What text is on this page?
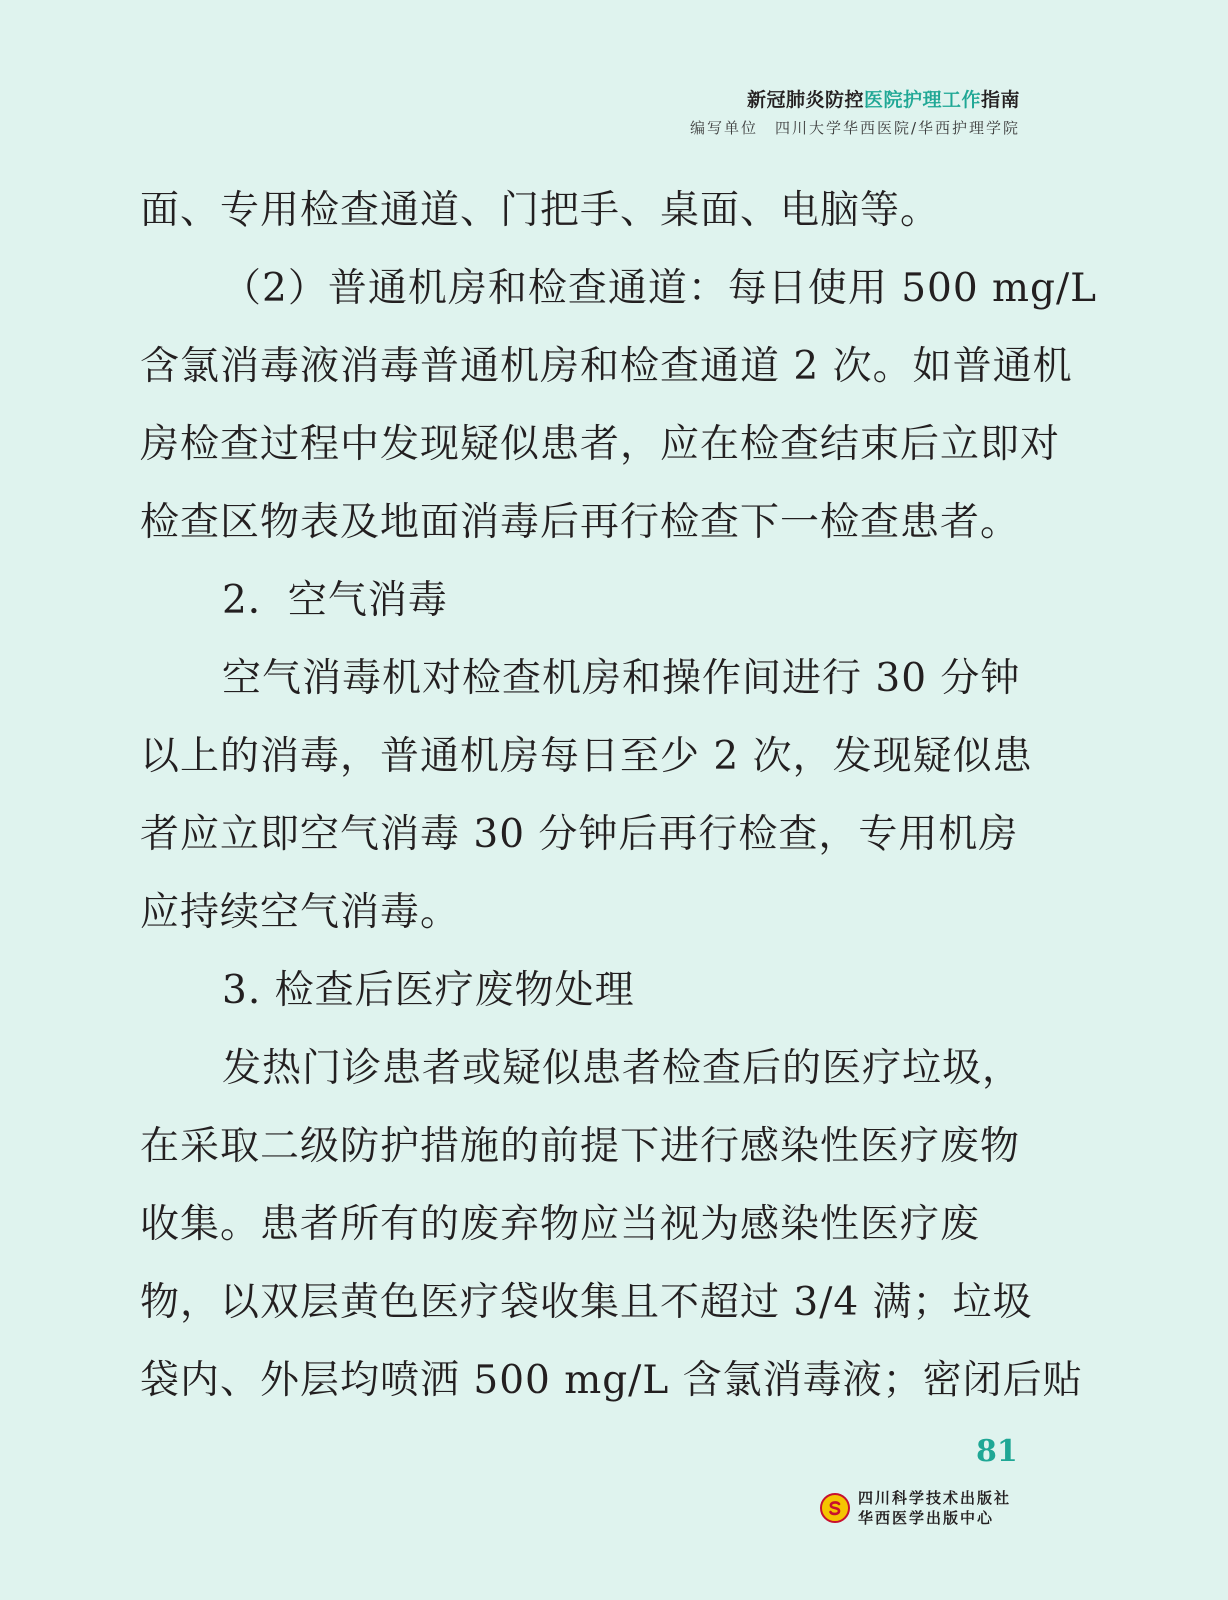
新冠肺炎防控医院护理工作指南
编写单位　四川大学华西医院/华西护理学院
面、专用检查通道、门把手、桌面、电脑等。
（2）普通机房和检查通道：每日使用 500 mg/L
含氯消毒液消毒普通机房和检查通道 2 次。如普通机
房检查过程中发现疑似患者，应在检查结束后立即对
检查区物表及地面消毒后再行检查下一检查患者。
2．空气消毒
空气消毒机对检查机房和操作间进行 30 分钟
以上的消毒，普通机房每日至少 2 次，发现疑似患
者应立即空气消毒 30 分钟后再行检查，专用机房
应持续空气消毒。
3. 检查后医疗废物处理
发热门诊患者或疑似患者检查后的医疗垃圾，
在采取二级防护措施的前提下进行感染性医疗废物
收集。患者所有的废弃物应当视为感染性医疗废
物，以双层黄色医疗袋收集且不超过 3/4 满；垃圾
袋内、外层均喷洒 500 mg/L 含氯消毒液；密闭后贴
81
四川科学技术出版社
华西医学出版中心
